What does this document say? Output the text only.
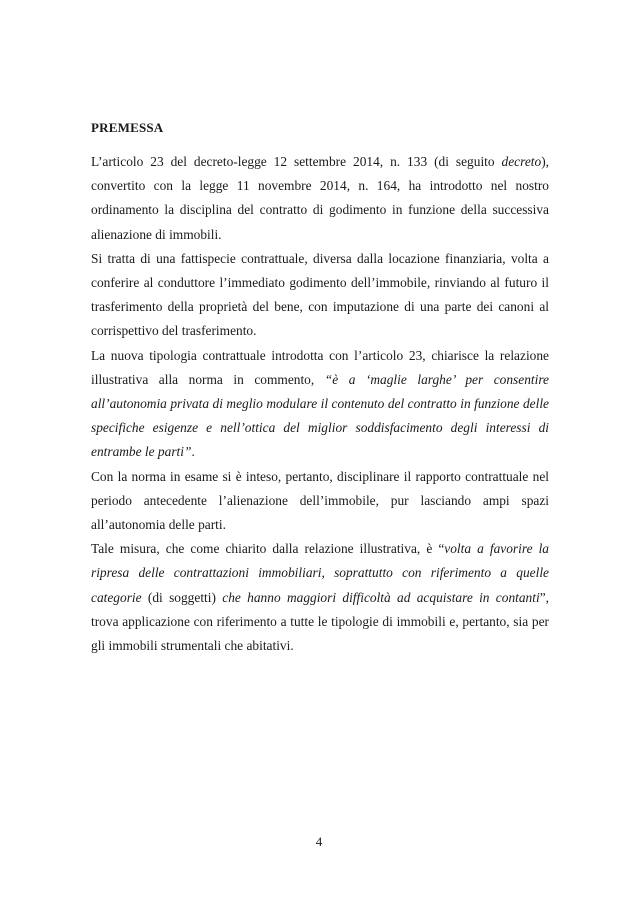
PREMESSA

L’articolo 23 del decreto-legge 12 settembre 2014, n. 133 (di seguito decreto), convertito con la legge 11 novembre 2014, n. 164, ha introdotto nel nostro ordinamento la disciplina del contratto di godimento in funzione della successiva alienazione di immobili.

Si tratta di una fattispecie contrattuale, diversa dalla locazione finanziaria, volta a conferire al conduttore l’immediato godimento dell’immobile, rinviando al futuro il trasferimento della proprietà del bene, con imputazione di una parte dei canoni al corrispettivo del trasferimento.

La nuova tipologia contrattuale introdotta con l’articolo 23, chiarisce la relazione illustrativa alla norma in commento, “è a ‘maglie larghe’ per consentire all’autonomia privata di meglio modulare il contenuto del contratto in funzione delle specifiche esigenze e nell’ottica del miglior soddisfacimento degli interessi di entrambe le parti”.

Con la norma in esame si è inteso, pertanto, disciplinare il rapporto contrattuale nel periodo antecedente l’alienazione dell’immobile, pur lasciando ampi spazi all’autonomia delle parti.

Tale misura, che come chiarito dalla relazione illustrativa, è “volta a favorire la ripresa delle contrattazioni immobiliari, soprattutto con riferimento a quelle categorie (di soggetti) che hanno maggiori difficoltà ad acquistare in contanti”, trova applicazione con riferimento a tutte le tipologie di immobili e, pertanto, sia per gli immobili strumentali che abitativi.

4
